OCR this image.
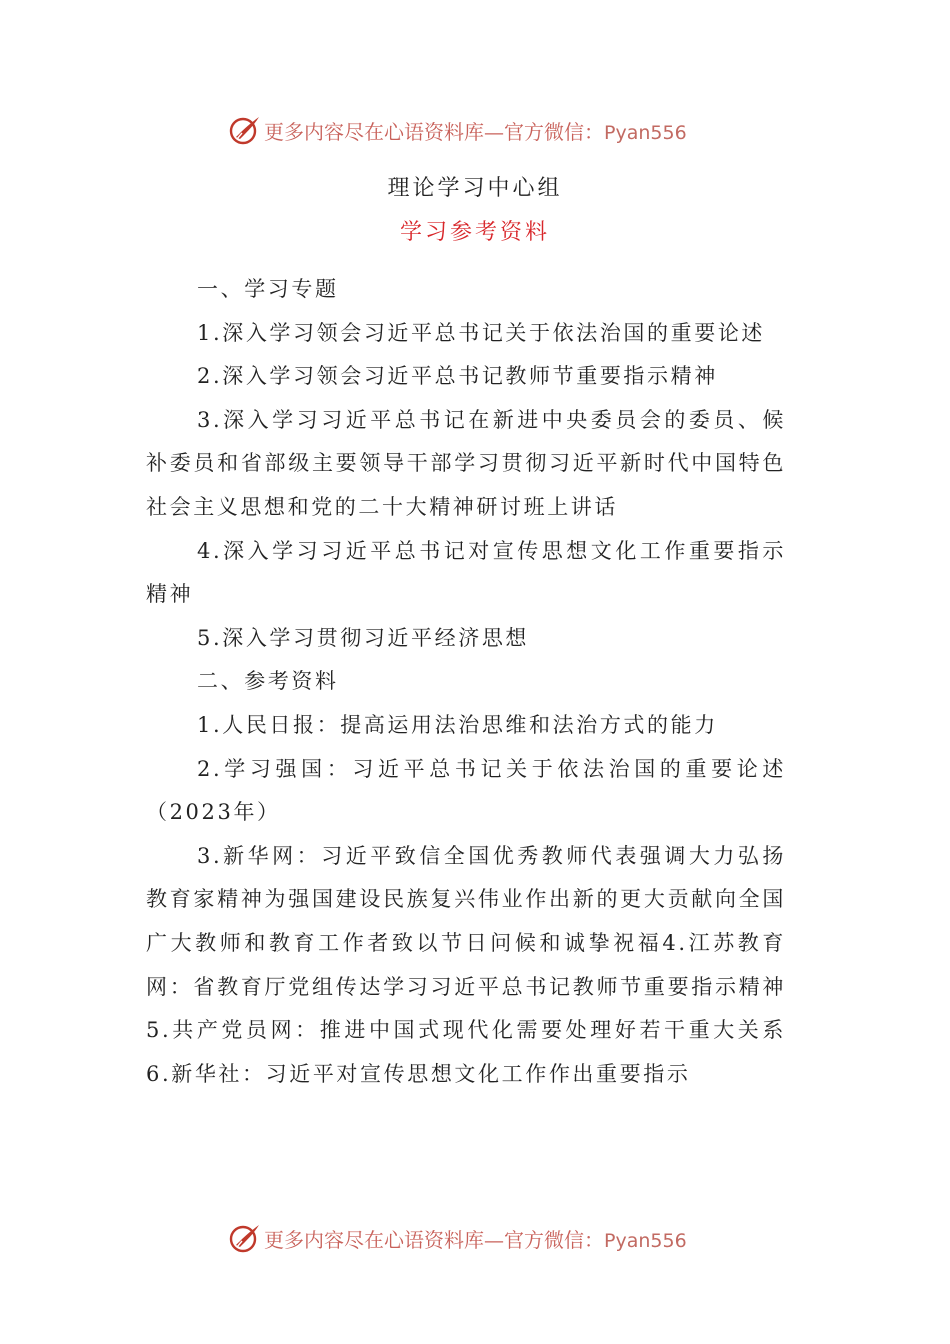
更多内容尽在心语资料库—官方微信：Pyan556
理论学习中心组
学习参考资料

一、学习专题

1.深入学习领会习近平总书记关于依法治国的重要论述

2.深入学习领会习近平总书记教师节重要指示精神

3.深入学习习近平总书记在新进中央委员会的委员、候补委员和省部级主要领导干部学习贯彻习近平新时代中国特色社会主义思想和党的二十大精神研讨班上讲话

4.深入学习习近平总书记对宣传思想文化工作重要指示精神

5.深入学习贯彻习近平经济思想

二、参考资料

1.人民日报：提高运用法治思维和法治方式的能力

2.学习强国：习近平总书记关于依法治国的重要论述（2023年）

3.新华网：习近平致信全国优秀教师代表强调大力弘扬教育家精神为强国建设民族复兴伟业作出新的更大贡献向全国广大教师和教育工作者致以节日问候和诚挚祝福4.江苏教育网：省教育厅党组传达学习习近平总书记教师节重要指示精神5.共产党员网：推进中国式现代化需要处理好若干重大关系6.新华社：习近平对宣传思想文化工作作出重要指示

更多内容尽在心语资料库—官方微信：Pyan556
